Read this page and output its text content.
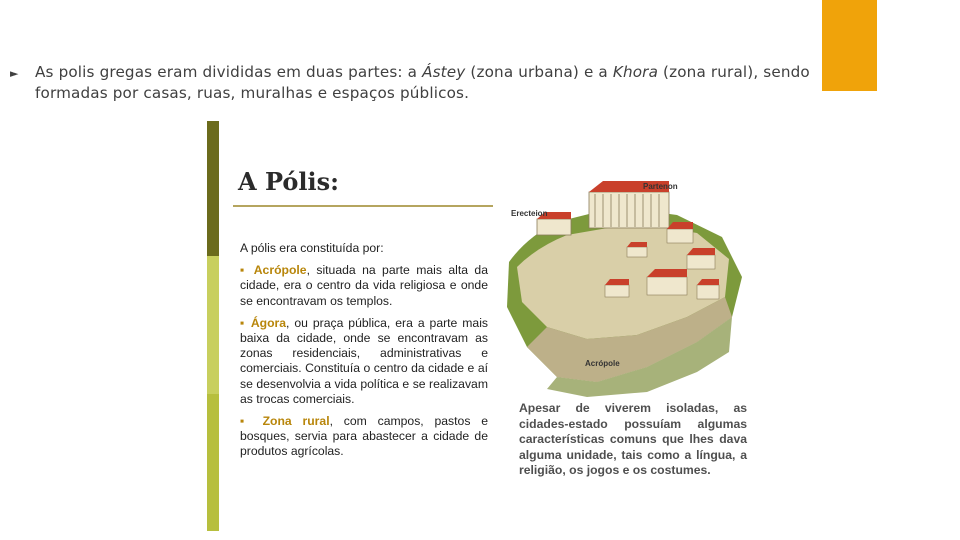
► As polis gregas eram divididas em duas partes: a Ástey (zona urbana) e a Khora (zona rural), sendo formadas por casas, ruas, muralhas e espaços públicos.
A Pólis:

A pólis era constituída por:

▪ Acrópole, situada na parte mais alta da cidade, era o centro da vida religiosa e onde se encontravam os templos.

▪ Ágora, ou praça pública, era a parte mais baixa da cidade, onde se encontravam as zonas residenciais, administrativas e comerciais. Constituía o centro da cidade e aí se desenvolvia a vida política e se realizavam as trocas comerciais.

▪ Zona rural, com campos, pastos e bosques, servia para abastecer a cidade de produtos agrícolas.

Partenon
Erecteion
Acrópole
Apesar de viverem isoladas, as cidades-estado possuíam algumas características comuns que lhes dava alguma unidade, tais como a língua, a religião, os jogos e os costumes.
